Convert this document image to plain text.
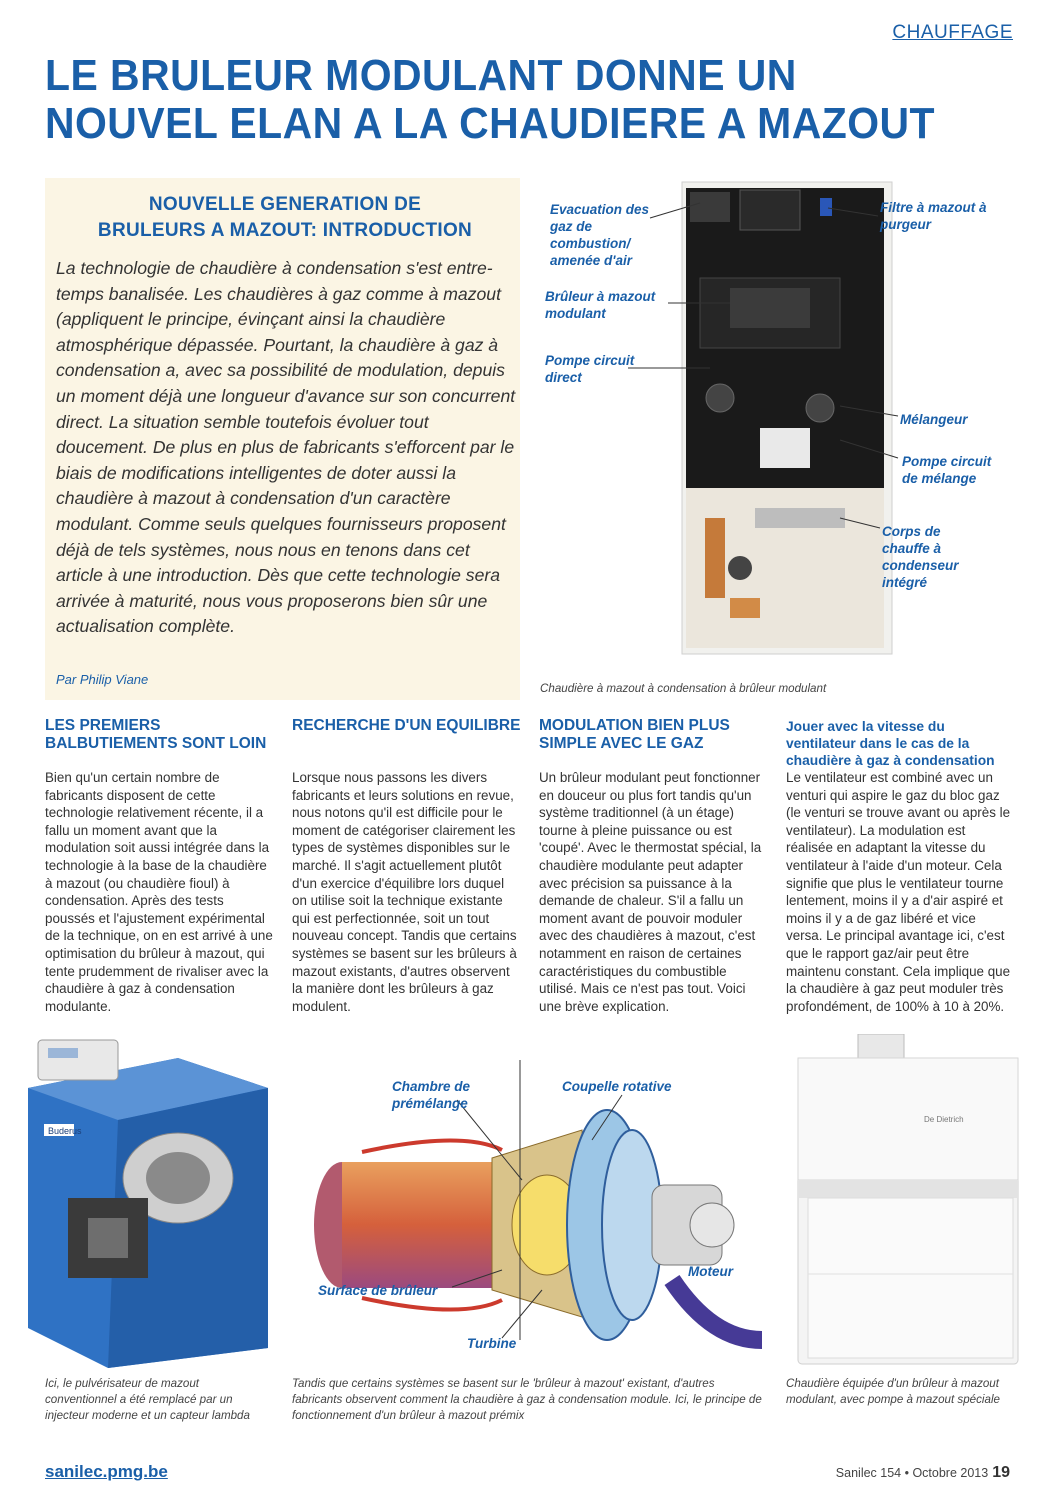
CHAUFFAGE
LE BRULEUR MODULANT DONNE UN
NOUVEL ELAN A LA CHAUDIERE A MAZOUT
NOUVELLE GENERATION DE
BRULEURS A MAZOUT: INTRODUCTION
La technologie de chaudière à condensation s'est entre-temps banalisée. Les chaudières à gaz comme à mazout (appliquent le principe, évinçant ainsi la chaudière atmosphérique dépassée. Pourtant, la chaudière à gaz à condensation a, avec sa possibilité de modulation, depuis un moment déjà une longueur d'avance sur son concurrent direct. La situation semble toutefois évoluer tout doucement. De plus en plus de fabricants s'efforcent par le biais de modifications intelligentes de doter aussi la chaudière à mazout à condensation d'un caractère modulant. Comme seuls quelques fournisseurs proposent déjà de tels systèmes, nous nous en tenons dans cet article à une introduction. Dès que cette technologie sera arrivée à maturité, nous vous proposerons bien sûr une actualisation complète.
Par Philip Viane
Evacuation des gaz de combustion/ amenée d'air
Brûleur à mazout modulant
Pompe circuit direct
Filtre à mazout à purgeur
Mélangeur
Pompe circuit de mélange
Corps de chauffe à condenseur intégré
Chaudière à mazout à condensation à brûleur modulant
LES PREMIERS BALBUTIEMENTS SONT LOIN
Bien qu'un certain nombre de fabricants disposent de cette technologie relativement récente, il a fallu un moment avant que la modulation soit aussi intégrée dans la technologie à la base de la chaudière à mazout (ou chaudière fioul) à condensation. Après des tests poussés et l'ajustement expérimental de la technique, on en est arrivé à une optimisation du brûleur à mazout, qui tente prudemment de rivaliser avec la chaudière à gaz à condensation modulante.
RECHERCHE D'UN EQUILIBRE
Lorsque nous passons les divers fabricants et leurs solutions en revue, nous notons qu'il est difficile pour le moment de catégoriser clairement les types de systèmes disponibles sur le marché. Il s'agit actuellement plutôt d'un exercice d'équilibre lors duquel on utilise soit la technique existante qui est perfectionnée, soit un tout nouveau concept. Tandis que certains systèmes se basent sur les brûleurs à mazout existants, d'autres observent la manière dont les brûleurs à gaz modulent.
MODULATION BIEN PLUS SIMPLE AVEC LE GAZ
Un brûleur modulant peut fonctionner en douceur ou plus fort tandis qu'un système traditionnel (à un étage) tourne à pleine puissance ou est 'coupé'. Avec le thermostat spécial, la chaudière modulante peut adapter avec précision sa puissance à la demande de chaleur. S'il a fallu un moment avant de pouvoir moduler avec des chaudières à mazout, c'est notamment en raison de certaines caractéristiques du combustible utilisé. Mais ce n'est pas tout. Voici une brève explication.
Jouer avec la vitesse du ventilateur dans le cas de la chaudière à gaz à condensation
Le ventilateur est combiné avec un venturi qui aspire le gaz du bloc gaz (le venturi se trouve avant ou après le ventilateur). La modulation est réalisée en adaptant la vitesse du ventilateur à l'aide d'un moteur. Cela signifie que plus le ventilateur tourne lentement, moins il y a d'air aspiré et moins il y a de gaz libéré et vice versa. Le principal avantage ici, c'est que le rapport gaz/air peut être maintenu constant. Cela implique que la chaudière à gaz peut moduler très profondément, de 100% à 10 à 20%.
Buderus
Ici, le pulvérisateur de mazout conventionnel a été remplacé par un injecteur moderne et un capteur lambda
Chambre de prémélange
Coupelle rotative
Moteur
Surface de brûleur
Turbine
Tandis que certains systèmes se basent sur le 'brûleur à mazout' existant, d'autres fabricants observent comment la chaudière à gaz à condensation module. Ici, le principe de fonctionnement d'un brûleur à mazout prémix
De Dietrich
Chaudière équipée d'un brûleur à mazout modulant, avec pompe à mazout spéciale
sanilec.pmg.be	Sanilec 154 • Octobre 2013 19
